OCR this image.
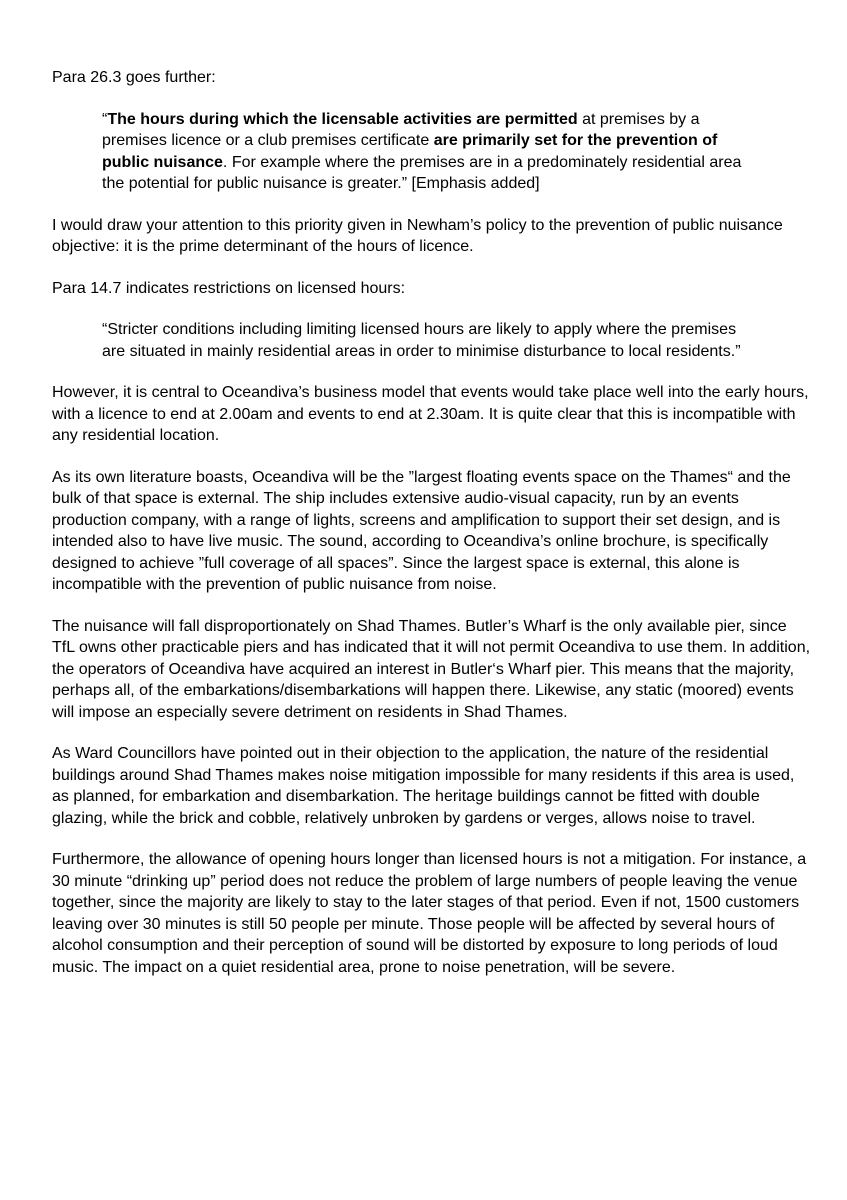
Para 26.3 goes further:

“The hours during which the licensable activities are permitted at premises by a premises licence or a club premises certificate are primarily set for the prevention of public nuisance. For example where the premises are in a predominately residential area the potential for public nuisance is greater.” [Emphasis added]

I would draw your attention to this priority given in Newham’s policy to the prevention of public nuisance objective: it is the prime determinant of the hours of licence.

Para 14.7 indicates restrictions on licensed hours:

“Stricter conditions including limiting licensed hours are likely to apply where the premises are situated in mainly residential areas in order to minimise disturbance to local residents.”

However, it is central to Oceandiva’s business model that events would take place well into the early hours, with a licence to end at 2.00am and events to end at 2.30am. It is quite clear that this is incompatible with any residential location.

As its own literature boasts, Oceandiva will be the ”largest floating events space on the Thames“ and the bulk of that space is external. The ship includes extensive audio-visual capacity, run by an events production company, with a range of lights, screens and amplification to support their set design, and is intended also to have live music. The sound, according to Oceandiva’s online brochure, is specifically designed to achieve ”full coverage of all spaces”. Since the largest space is external, this alone is incompatible with the prevention of public nuisance from noise.

The nuisance will fall disproportionately on Shad Thames. Butler’s Wharf is the only available pier, since TfL owns other practicable piers and has indicated that it will not permit Oceandiva to use them. In addition, the operators of Oceandiva have acquired an interest in Butler‘s Wharf pier. This means that the majority, perhaps all, of the embarkations/disembarkations will happen there. Likewise, any static (moored) events will impose an especially severe detriment on residents in Shad Thames.

As Ward Councillors have pointed out in their objection to the application, the nature of the residential buildings around Shad Thames makes noise mitigation impossible for many residents if this area is used, as planned, for embarkation and disembarkation. The heritage buildings cannot be fitted with double glazing, while the brick and cobble, relatively unbroken by gardens or verges, allows noise to travel.

Furthermore, the allowance of opening hours longer than licensed hours is not a mitigation. For instance, a 30 minute “drinking up” period does not reduce the problem of large numbers of people leaving the venue together, since the majority are likely to stay to the later stages of that period. Even if not, 1500 customers leaving over 30 minutes is still 50 people per minute. Those people will be affected by several hours of alcohol consumption and their perception of sound will be distorted by exposure to long periods of loud music. The impact on a quiet residential area, prone to noise penetration, will be severe.
